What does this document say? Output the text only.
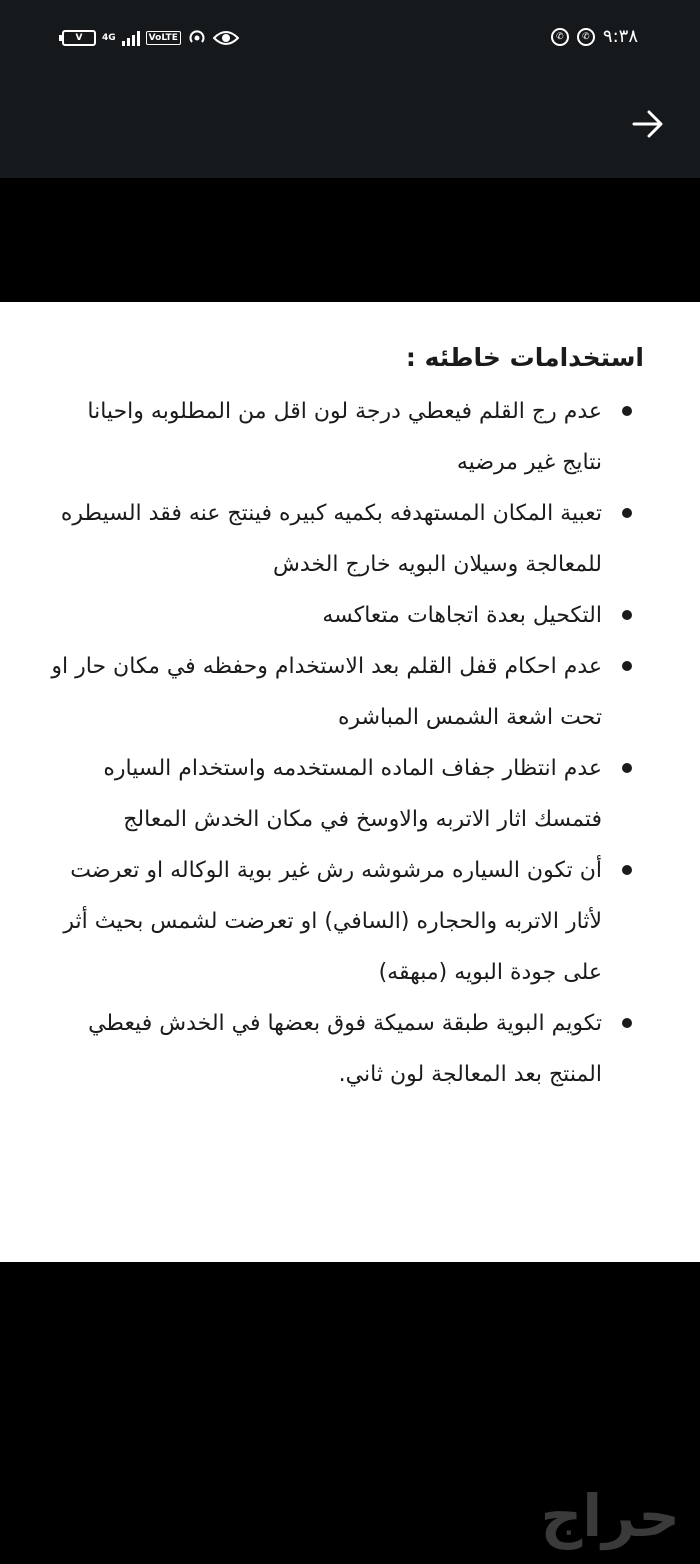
V 4G	VoLTE	✆	✆ ٩:٣٨
استخدامات خاطئه :
عدم رج القلم فيعطي درجة لون اقل من المطلوبه واحيانا نتايج غير مرضيه
تعبية المكان المستهدفه بكميه كبيره فينتج عنه فقد السيطره للمعالجة وسيلان البويه خارج الخدش
التكحيل بعدة اتجاهات متعاكسه
عدم احكام قفل القلم بعد الاستخدام وحفظه في مكان حار او تحت اشعة الشمس المباشره
عدم انتظار جفاف الماده المستخدمه واستخدام السياره فتمسك اثار الاتربه والاوسخ في مكان الخدش المعالج
أن تكون السياره مرشوشه رش غير بوية الوكاله او تعرضت لأثار الاتربه والحجاره (السافي) او تعرضت لشمس بحيث أثر على جودة البويه (مبهقه)
تكويم البوية طبقة سميكة فوق بعضها في الخدش فيعطي المنتج بعد المعالجة لون ثاني.
حراج
